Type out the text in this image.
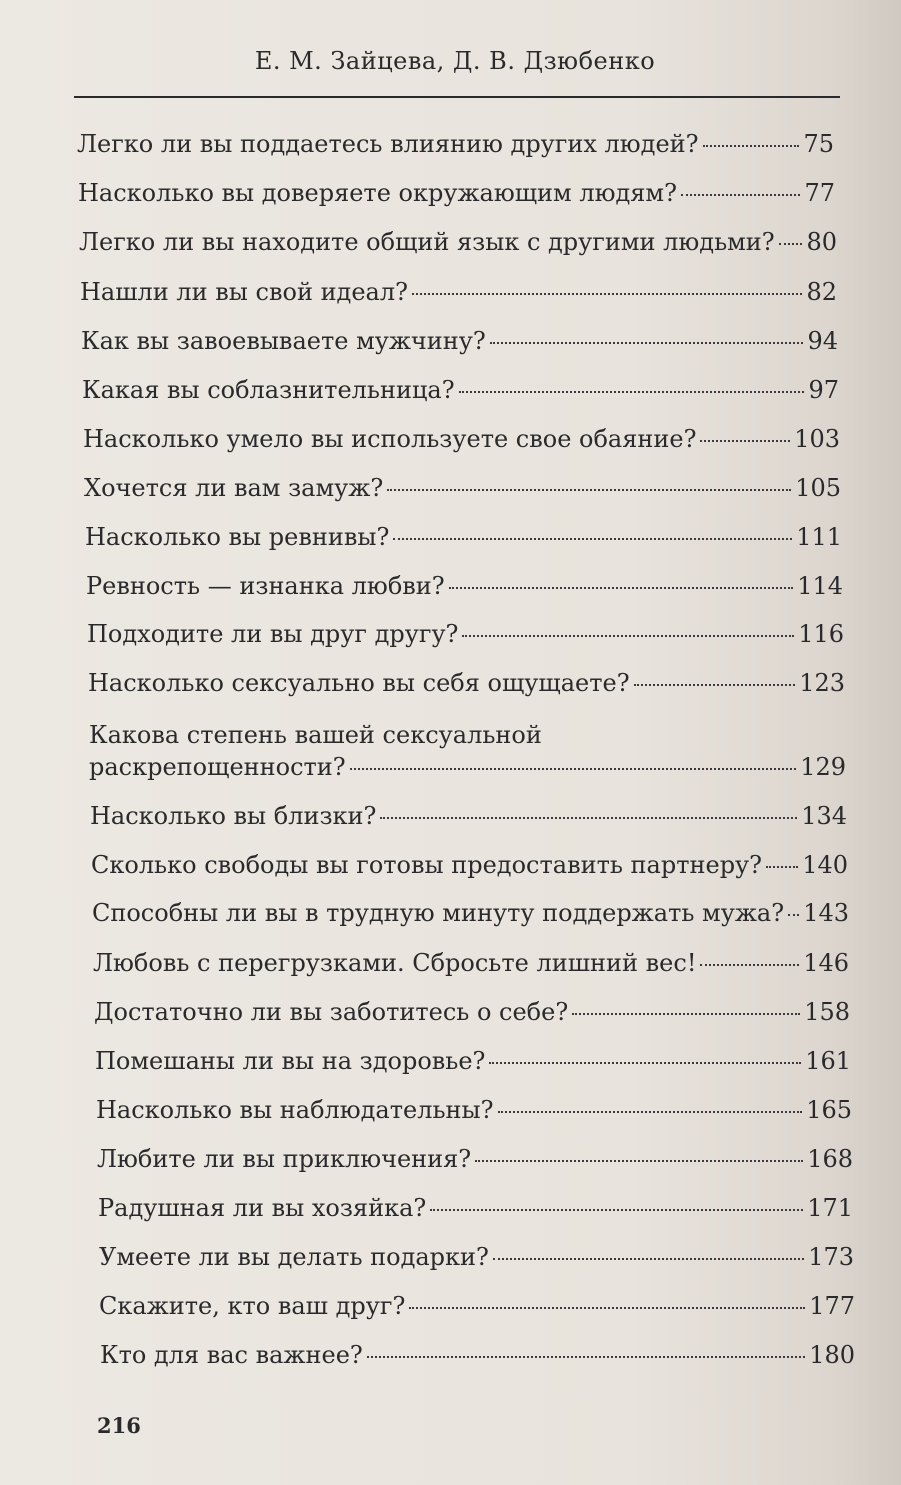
Е. М. Зайцева, Д. В. Дзюбенко
Легко ли вы поддаетесь влиянию других людей?	75
Насколько вы доверяете окружающим людям?	77
Легко ли вы находите общий язык с другими людьми? 80
Нашли ли вы свой идеал?	82
Как вы завоевываете мужчину?	94
Какая вы соблазнительница?	97
Насколько умело вы используете свое обаяние?	103
Хочется ли вам замуж?	105
Насколько вы ревнивы?	111
Ревность — изнанка любви?	114
Подходите ли вы друг другу?	116
Насколько сексуально вы себя ощущаете?	123
Какова степень вашей сексуальной
раскрепощенности?	129
Насколько вы близки?	134
Сколько свободы вы готовы предоставить партнеру? 140
Способны ли вы в трудную минуту поддержать мужа? 143
Любовь с перегрузками. Сбросьте лишний вес!	146
Достаточно ли вы заботитесь о себе?	158
Помешаны ли вы на здоровье?	161
Насколько вы наблюдательны?	165
Любите ли вы приключения?	168
Радушная ли вы хозяйка?	171
Умеете ли вы делать подарки?	173
Скажите, кто ваш друг?	177
Кто для вас важнее?	180
216
